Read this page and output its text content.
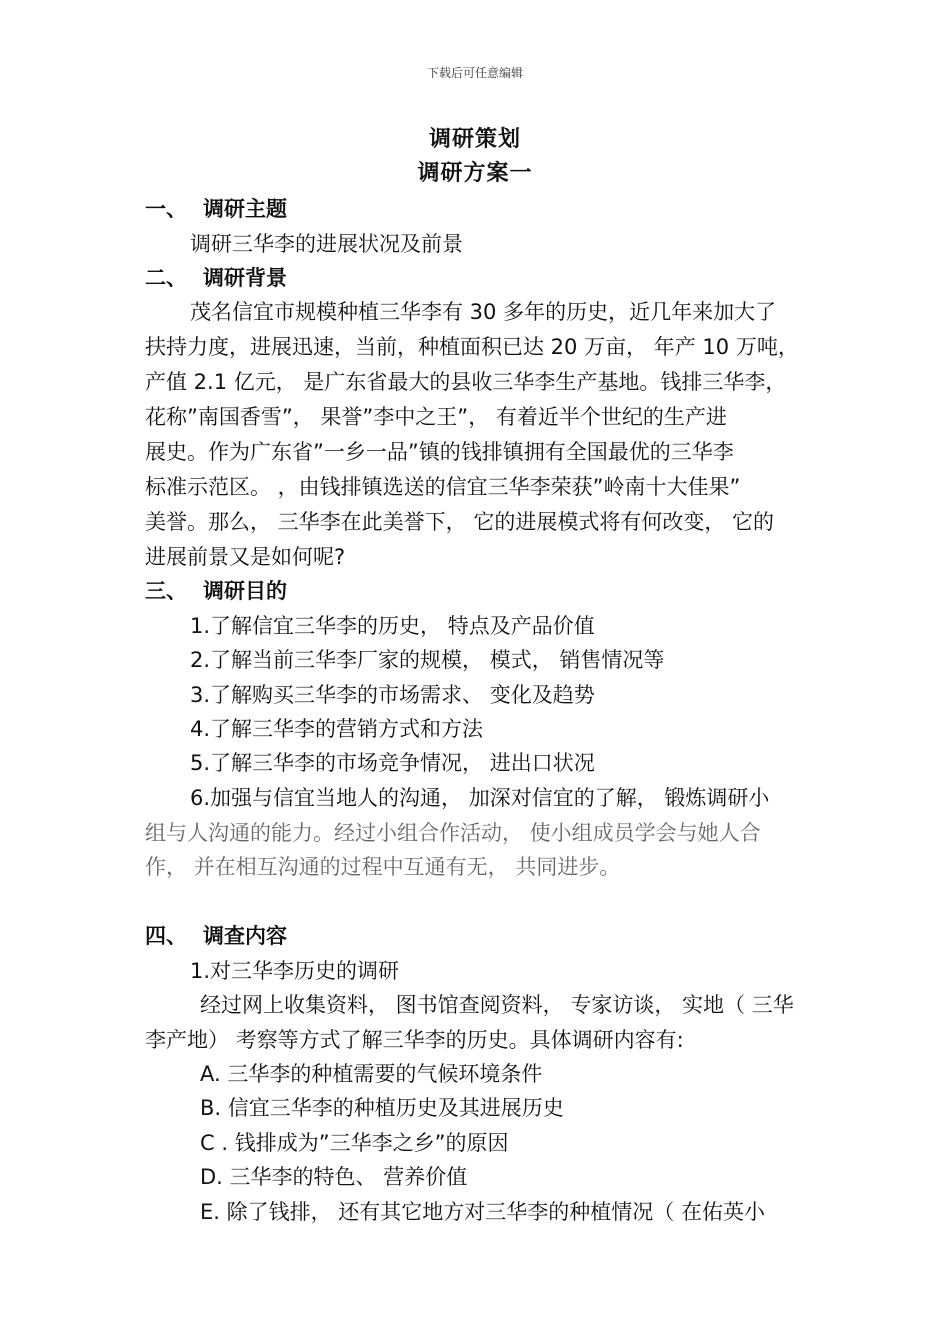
下载后可任意编辑
调研策划
调研方案一
一、 调研主题
调研三华李的进展状况及前景
二、 调研背景
茂名信宜市规模种植三华李有 30 多年的历史，近几年来加大了
扶持力度，进展迅速，当前，种植面积已达 20 万亩， 年产 10 万吨，
产值 2.1 亿元， 是广东省最大的县收三华李生产基地。钱排三华李，
花称”南国香雪”， 果誉”李中之王”， 有着近半个世纪的生产进
展史。作为广东省”一乡一品”镇的钱排镇拥有全国最优的三华李
标准示范区。 ，由钱排镇选送的信宜三华李荣获”岭南十大佳果”
美誉。那么， 三华李在此美誉下， 它的进展模式将有何改变， 它的
进展前景又是如何呢?
三、 调研目的
1.了解信宜三华李的历史， 特点及产品价值
2.了解当前三华李厂家的规模， 模式， 销售情况等
3.了解购买三华李的市场需求、 变化及趋势
4.了解三华李的营销方式和方法
5.了解三华李的市场竞争情况， 进出口状况
6.加强与信宜当地人的沟通， 加深对信宜的了解， 锻炼调研小
组与人沟通的能力。经过小组合作活动， 使小组成员学会与她人合
作， 并在相互沟通的过程中互通有无， 共同进步。
四、 调查内容
1.对三华李历史的调研
经过网上收集资料， 图书馆查阅资料， 专家访谈， 实地（ 三华
李产地） 考察等方式了解三华李的历史。具体调研内容有:
A. 三华李的种植需要的气候环境条件
B. 信宜三华李的种植历史及其进展历史
C . 钱排成为”三华李之乡”的原因
D. 三华李的特色、 营养价值
E. 除了钱排， 还有其它地方对三华李的种植情况（ 在佑英小
